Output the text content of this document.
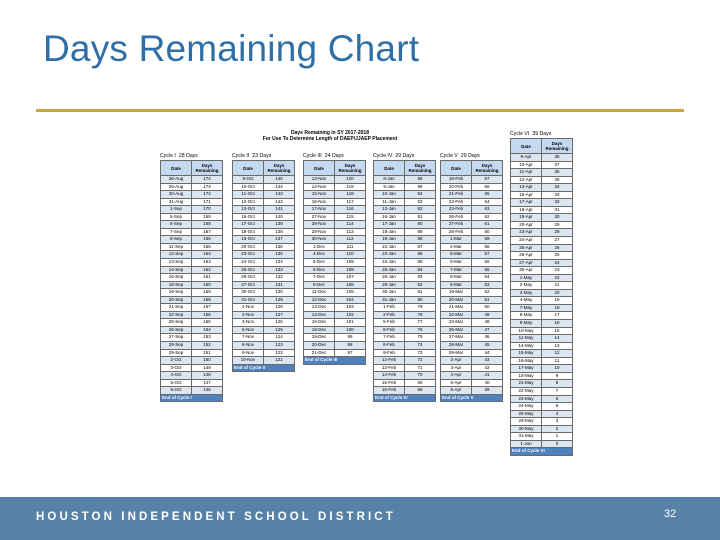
Days Remaining Chart
Days Remaining in SY 2017-2018
For Use To Determine Length of DAEP/JJAEP Placement
Cycle I 28 Days
Date	Days Remaining
28-Aug	174
29-Aug	173
30-Aug	172
31-Aug	171
1-Sep	170
5-Sep	169
6-Sep	168
7-Sep	167
8-Sep	166
11-Sep	165
12-Sep	164
13-Sep	163
14-Sep	162
15-Sep	161
18-Sep	160
19-Sep	159
20-Sep	158
21-Sep	157
22-Sep	156
25-Sep	155
26-Sep	154
27-Sep	153
28-Sep	152
29-Sep	151
2-Oct	150
3-Oct	149
4-Oct	148
5-Oct	147
6-Oct	146
End of Cycle I	
Cycle II 23 Days
Date	Days Remaining
9-Oct	145
10-Oct	144
11-Oct	143
12-Oct	142
13-Oct	141
16-Oct	140
17-Oct	139
18-Oct	138
19-Oct	137
20-Oct	136
23-Oct	135
24-Oct	134
25-Oct	133
26-Oct	132
27-Oct	131
30-Oct	130
31-Oct	129
1-Nov	128
2-Nov	127
3-Nov	126
6-Nov	125
7-Nov	124
8-Nov	123
9-Nov	122
10-Nov	121
End of Cycle II	
Cycle III 24 Days
Date	Days Remaining
13-Nov	120
14-Nov	119
15-Nov	118
16-Nov	117
17-Nov	116
27-Nov	115
28-Nov	114
29-Nov	113
30-Nov	112
1-Dec	111
4-Dec	110
5-Dec	109
6-Dec	108
7-Dec	107
8-Dec	106
11-Dec	105
12-Dec	104
13-Dec	103
14-Dec	102
15-Dec	101
18-Dec	100
19-Dec	99
20-Dec	98
21-Dec	97
End of Cycle III	
Cycle IV 29 Days
Date	Days Remaining
8-Jan	96
9-Jan	95
10-Jan	94
11-Jan	93
12-Jan	92
16-Jan	91
17-Jan	90
18-Jan	89
19-Jan	88
22-Jan	87
23-Jan	86
24-Jan	85
25-Jan	84
26-Jan	83
29-Jan	82
30-Jan	81
31-Jan	80
1-Feb	79
2-Feb	78
5-Feb	77
6-Feb	76
7-Feb	75
8-Feb	74
9-Feb	73
12-Feb	72
13-Feb	71
14-Feb	70
15-Feb	69
16-Feb	68
End of Cycle IV	
Cycle V 29 Days
Date	Days Remaining
19-Feb	67
20-Feb	66
21-Feb	65
22-Feb	64
23-Feb	63
26-Feb	62
27-Feb	61
28-Feb	60
1-Mar	59
2-Mar	58
5-Mar	57
6-Mar	56
7-Mar	55
8-Mar	54
9-Mar	53
19-Mar	52
20-Mar	51
21-Mar	50
22-Mar	49
23-Mar	48
26-Mar	47
27-Mar	46
28-Mar	45
29-Mar	44
2-Apr	43
3-Apr	42
4-Apr	41
5-Apr	40
6-Apr	39
End of Cycle V	
Cycle VI 39 Days
Date	Days Remaining
9-Apr	38
10-Apr	37
11-Apr	36
12-Apr	35
13-Apr	34
16-Apr	33
17-Apr	32
18-Apr	31
19-Apr	30
20-Apr	29
23-Apr	28
24-Apr	27
25-Apr	26
26-Apr	25
27-Apr	24
30-Apr	23
1-May	22
2-May	21
3-May	20
4-May	19
7-May	18
8-May	17
9-May	16
10-May	15
11-May	14
14-May	13
15-May	12
16-May	11
17-May	10
18-May	9
21-May	8
22-May	7
23-May	6
24-May	5
25-May	4
29-May	3
30-May	2
31-May	1
1-Jun	0
End of Cycle VI	
HOUSTON INDEPENDENT SCHOOL DISTRICT	32
